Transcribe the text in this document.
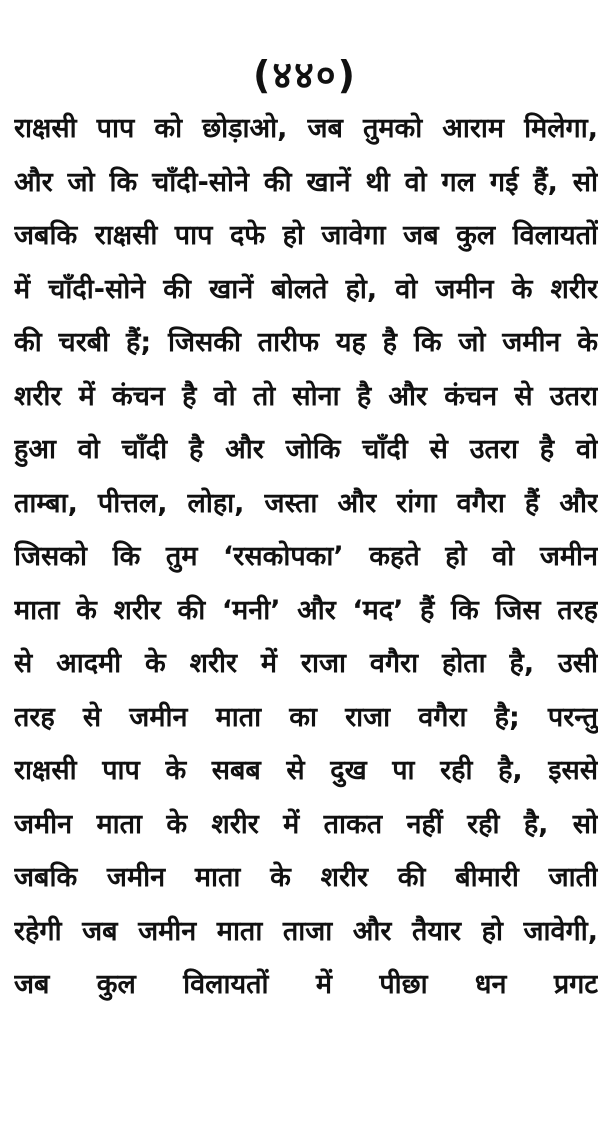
(४४०)
राक्षसी पाप को छोड़ाओ, जब तुमको आराम मिलेगा,
और जो कि चाँदी-सोने की खानें थी वो गल गई हैं, सो
जबकि राक्षसी पाप दफे हो जावेगा जब कुल विलायतों
में चाँदी-सोने की खानें बोलते हो, वो जमीन के शरीर
की चरबी हैं; जिसकी तारीफ यह है कि जो जमीन के
शरीर में कंचन है वो तो सोना है और कंचन से उतरा
हुआ वो चाँदी है और जोकि चाँदी से उतरा है वो
ताम्बा, पीत्तल, लोहा, जस्ता और रांगा वगैरा हैं और
जिसको कि तुम ‘रसकोपका’ कहते हो वो जमीन
माता के शरीर की ‘मनी’ और ‘मद’ हैं कि जिस तरह
से आदमी के शरीर में राजा वगैरा होता है, उसी
तरह से जमीन माता का राजा वगैरा है; परन्तु
राक्षसी पाप के सबब से दुख पा रही है, इससे
जमीन माता के शरीर में ताकत नहीं रही है, सो
जबकि जमीन माता के शरीर की बीमारी जाती
रहेगी जब जमीन माता ताजा और तैयार हो जावेगी,
जब कुल विलायतों में पीछा धन प्रगट
